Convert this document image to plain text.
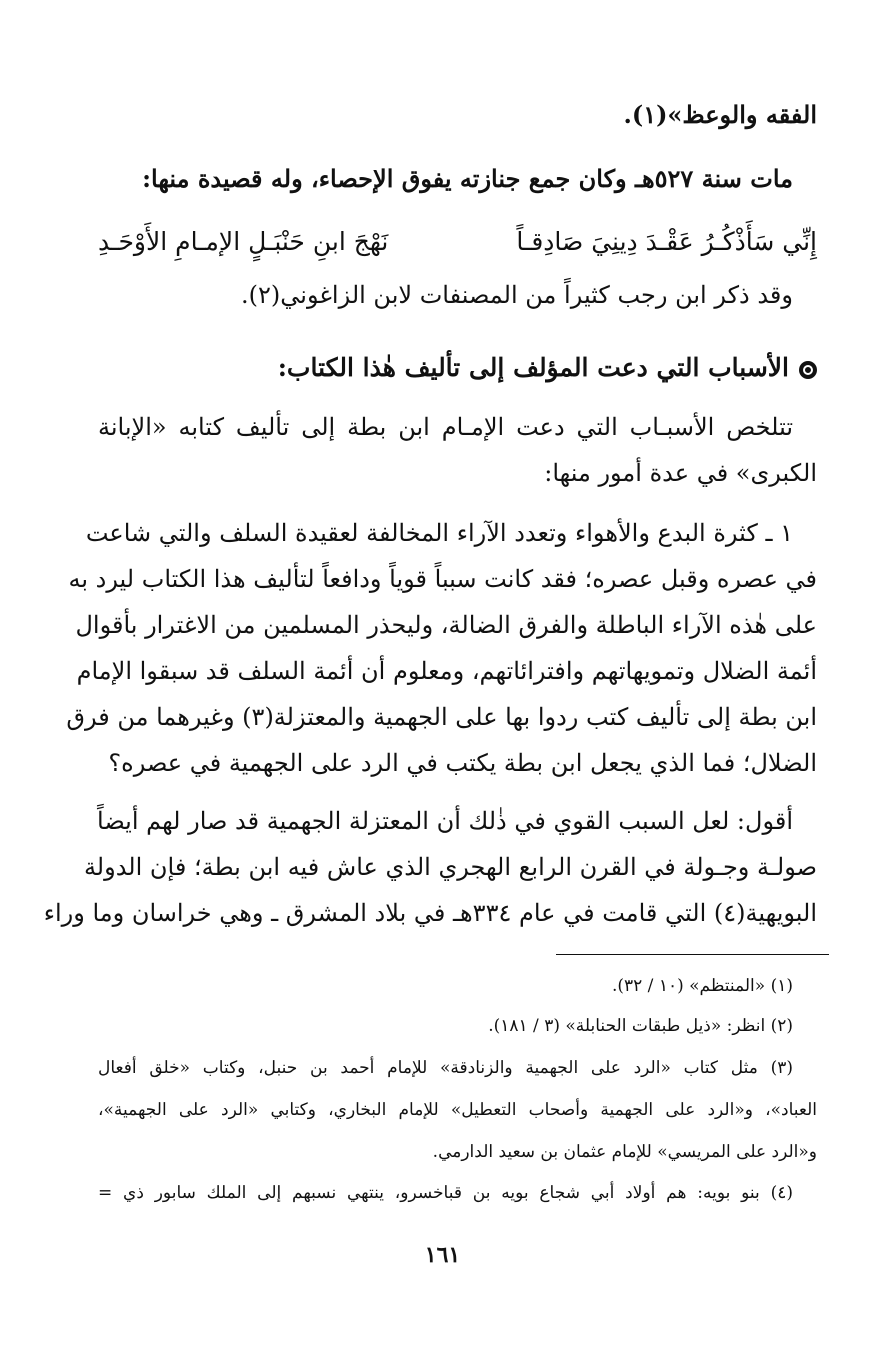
الفقه والوعظ»(١).
مات سنة ٥٢٧هـ وكان جمع جنازته يفوق الإحصاء، وله قصيدة منها:
إِنِّي سَأَذْكُـرُ عَقْـدَ دِينِيَ صَادِقـاً
نَهْجَ ابنِ حَنْبَـلٍ الإمـامِ الأَوْحَـدِ
وقد ذكر ابن رجب كثيراً من المصنفات لابن الزاغوني(٢).
الأسباب التي دعت المؤلف إلى تأليف هٰذا الكتاب:
تتلخص الأسبـاب التي دعت الإمـام ابن بطة إلى تأليف كتابه «الإبانة
الكبرى» في عدة أمور منها:
١ ـ كثرة البدع والأهواء وتعدد الآراء المخالفة لعقيدة السلف والتي شاعت
في عصره وقبل عصره؛ فقد كانت سبباً قوياً ودافعاً لتأليف هذا الكتاب ليرد به
على هٰذه الآراء الباطلة والفرق الضالة، وليحذر المسلمين من الاغترار بأقوال
أئمة الضلال وتمويهاتهم وافترائاتهم، ومعلوم أن أئمة السلف قد سبقوا الإمام
ابن بطة إلى تأليف كتب ردوا بها على الجهمية والمعتزلة(٣) وغيرهما من فرق
الضلال؛ فما الذي يجعل ابن بطة يكتب في الرد على الجهمية في عصره؟
أقول: لعل السبب القوي في ذٰلك أن المعتزلة الجهمية قد صار لهم أيضاً
صولـة وجـولة في القرن الرابع الهجري الذي عاش فيه ابن بطة؛ فإن الدولة
البويهية(٤) التي قامت في عام ٣٣٤هـ في بلاد المشرق ـ وهي خراسان وما وراء
(١) «المنتظم» (١٠ / ٣٢).
(٢) انظر: «ذيل طبقات الحنابلة» (٣ / ١٨١).
(٣) مثل كتاب «الرد على الجهمية والزنادقة» للإمام أحمد بن حنبل، وكتاب «خلق أفعال
العباد»، و«الرد على الجهمية وأصحاب التعطيل» للإمام البخاري، وكتابي «الرد على الجهمية»،
و«الرد على المريسي» للإمام عثمان بن سعيد الدارمي.
(٤) بنو بويه: هم أولاد أبي شجاع بويه بن قباخسرو، ينتهي نسبهم إلى الملك سابور ذي =
١٦١
